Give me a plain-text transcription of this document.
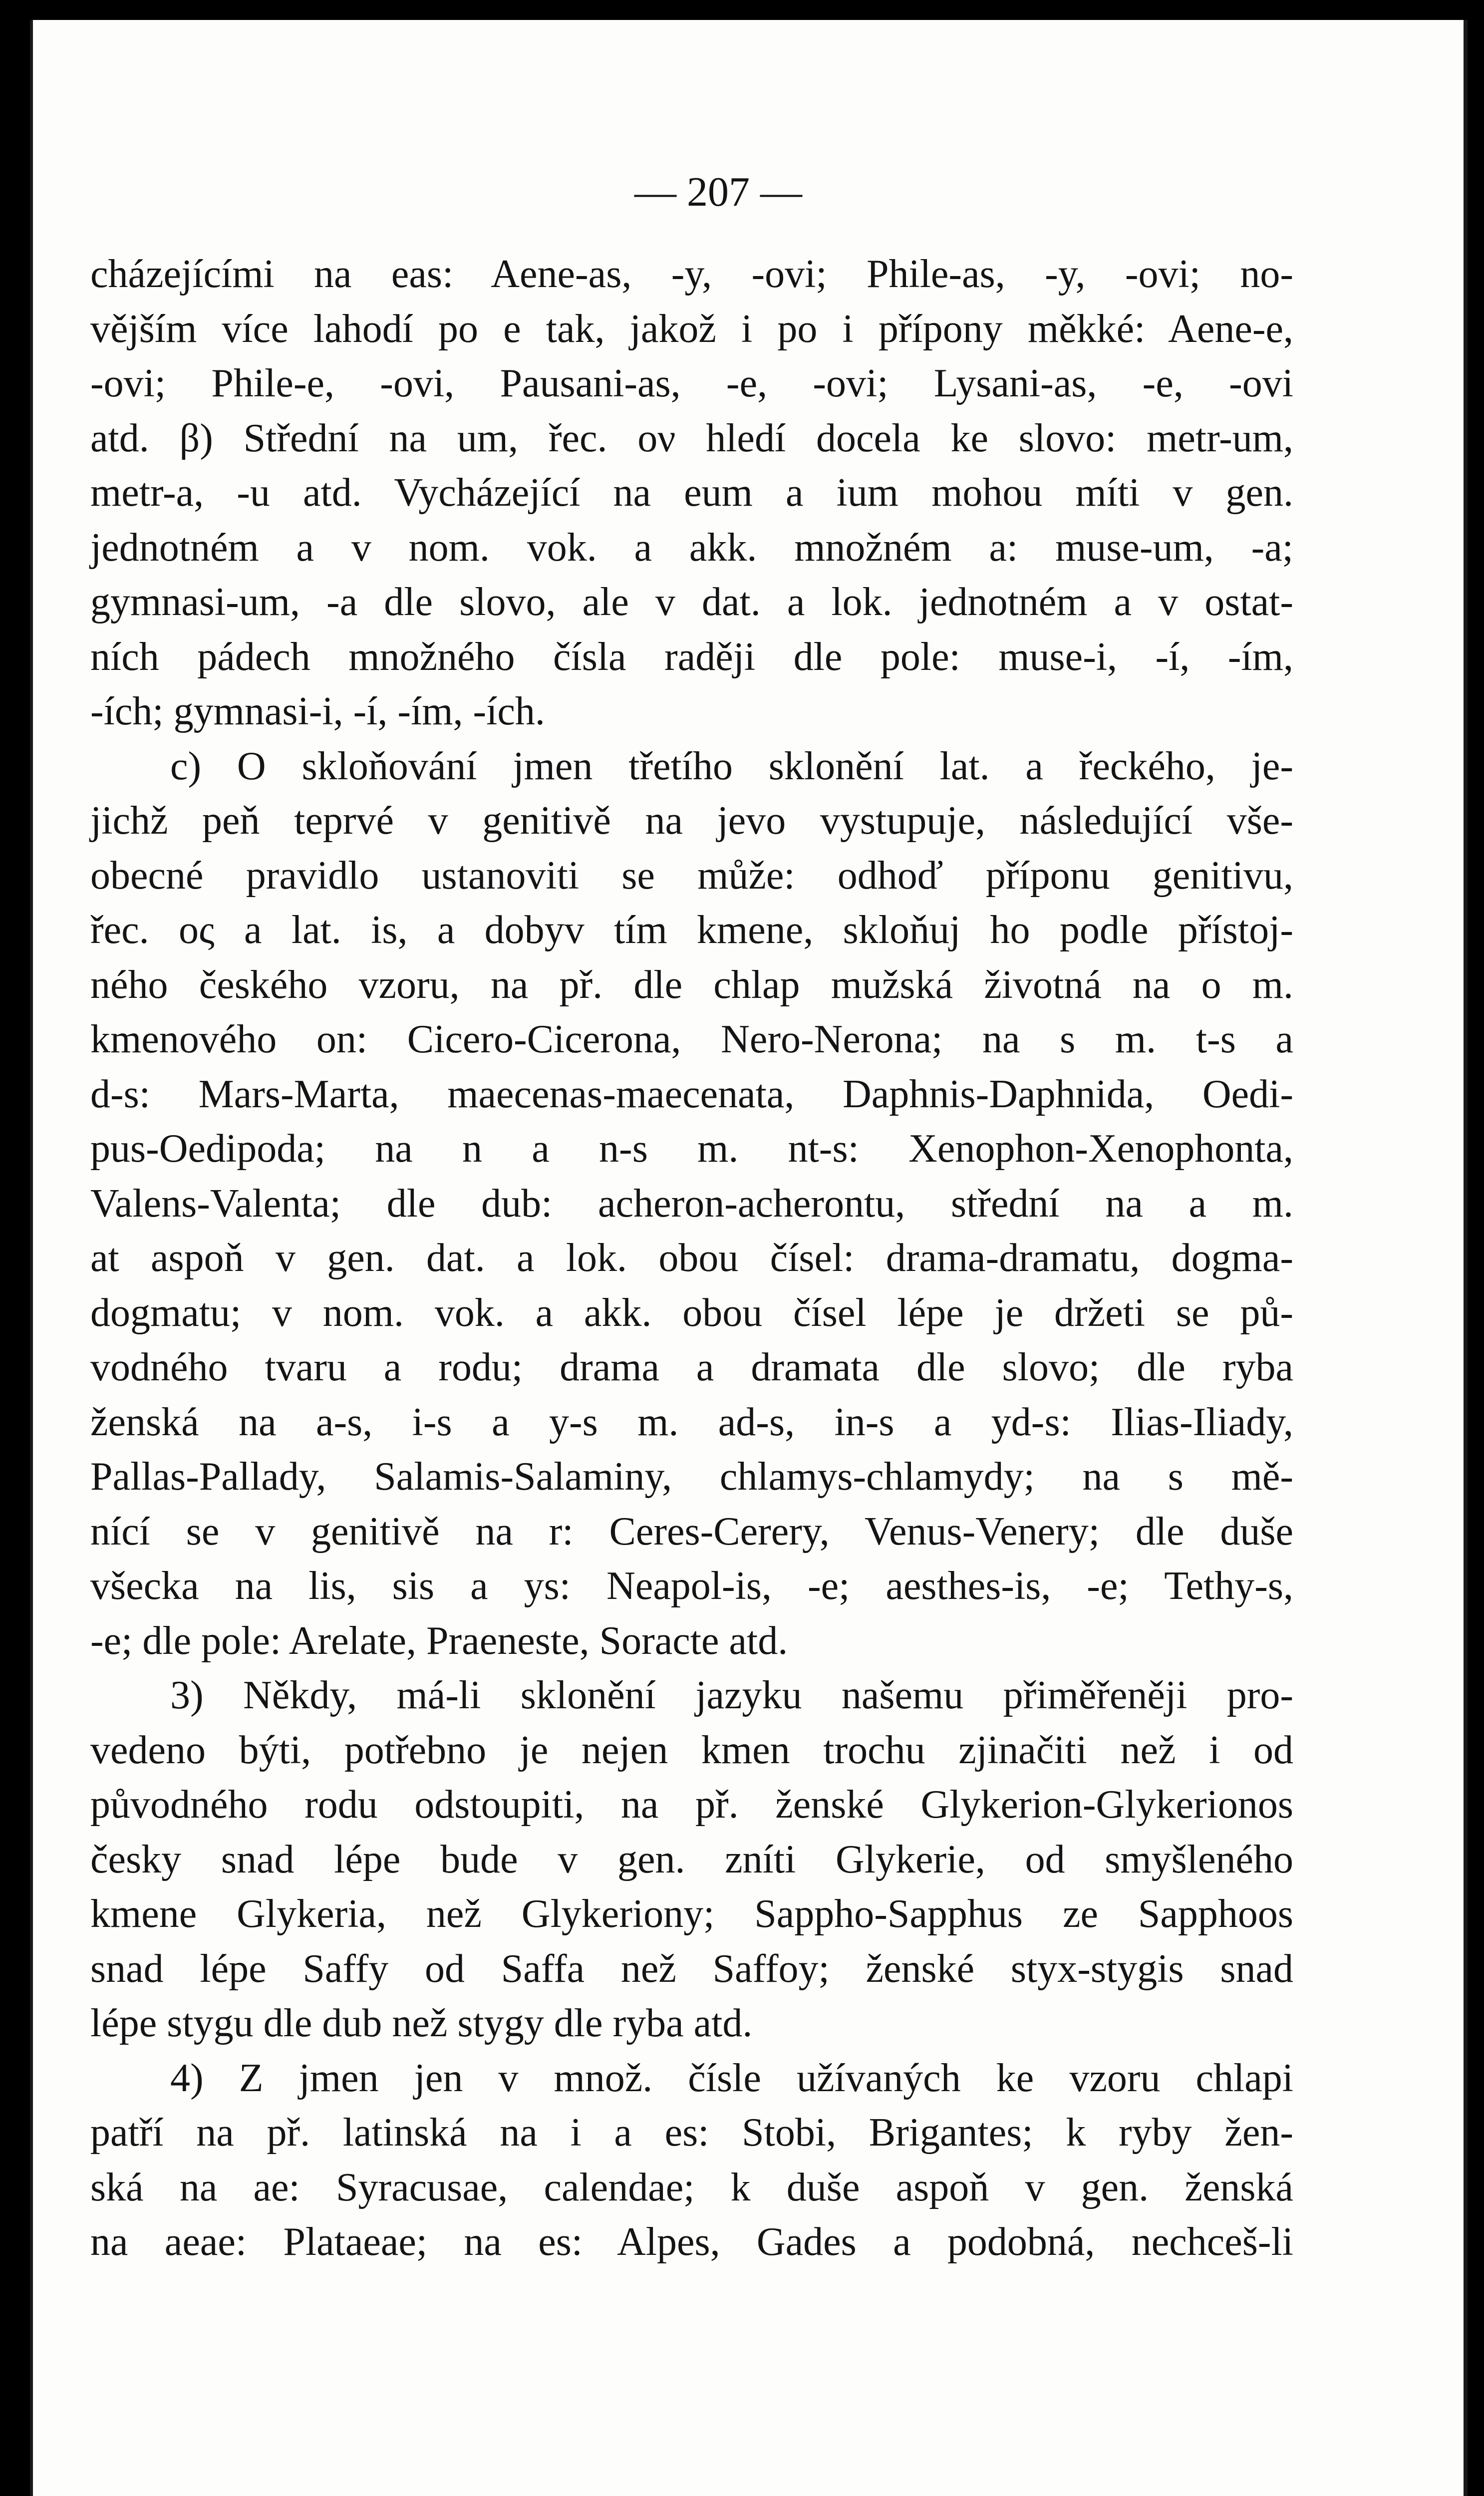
— 207 —
cházejícími na eas: Aene-as, -y, -ovi; Phile-as, -y, -ovi; no-
vějším více lahodí po e tak, jakož i po i přípony měkké: Aene-e,
-ovi; Phile-e, -ovi, Pausani-as, -e, -ovi; Lysani-as, -e, -ovi
atd. β) Střední na um, řec. ον hledí docela ke slovo: metr-um,
metr-a, -u atd. Vycházející na eum a ium mohou míti v gen.
jednotném a v nom. vok. a akk. množném a: muse-um, -a;
gymnasi-um, -a dle slovo, ale v dat. a lok. jednotném a v ostat-
ních pádech množného čísla raději dle pole: muse-i, -í, -ím,
-ích; gymnasi-i, -í, -ím, -ích.
c) O skloňování jmen třetího sklonění lat. a řeckého, je-
jichž peň teprvé v genitivě na jevo vystupuje, následující vše-
obecné pravidlo ustanoviti se může: odhoď příponu genitivu,
řec. ος a lat. is, a dobyv tím kmene, skloňuj ho podle přístoj-
ného českého vzoru, na př. dle chlap mužská životná na o m.
kmenového on: Cicero-Cicerona, Nero-Nerona; na s m. t-s a
d-s: Mars-Marta, maecenas-maecenata, Daphnis-Daphnida, Oedi-
pus-Oedipoda; na n a n-s m. nt-s: Xenophon-Xenophonta,
Valens-Valenta; dle dub: acheron-acherontu, střední na a m.
at aspoň v gen. dat. a lok. obou čísel: drama-dramatu, dogma-
dogmatu; v nom. vok. a akk. obou čísel lépe je držeti se pů-
vodného tvaru a rodu; drama a dramata dle slovo; dle ryba
ženská na a-s, i-s a y-s m. ad-s, in-s a yd-s: Ilias-Iliady,
Pallas-Pallady, Salamis-Salaminy, chlamys-chlamydy; na s mě-
nící se v genitivě na r: Ceres-Cerery, Venus-Venery; dle duše
všecka na lis, sis a ys: Neapol-is, -e; aesthes-is, -e; Tethy-s,
-e; dle pole: Arelate, Praeneste, Soracte atd.
3) Někdy, má-li sklonění jazyku našemu přiměřeněji pro-
vedeno býti, potřebno je nejen kmen trochu zjinačiti než i od
původného rodu odstoupiti, na př. ženské Glykerion-Glykerionos
česky snad lépe bude v gen. zníti Glykerie, od smyšleného
kmene Glykeria, než Glykeriony; Sappho-Sapphus ze Sapphoos
snad lépe Saffy od Saffa než Saffoy; ženské styx-stygis snad
lépe stygu dle dub než stygy dle ryba atd.
4) Z jmen jen v množ. čísle užívaných ke vzoru chlapi
patří na př. latinská na i a es: Stobi, Brigantes; k ryby žen-
ská na ae: Syracusae, calendae; k duše aspoň v gen. ženská
na aeae: Plataeae; na es: Alpes, Gades a podobná, nechceš-li
